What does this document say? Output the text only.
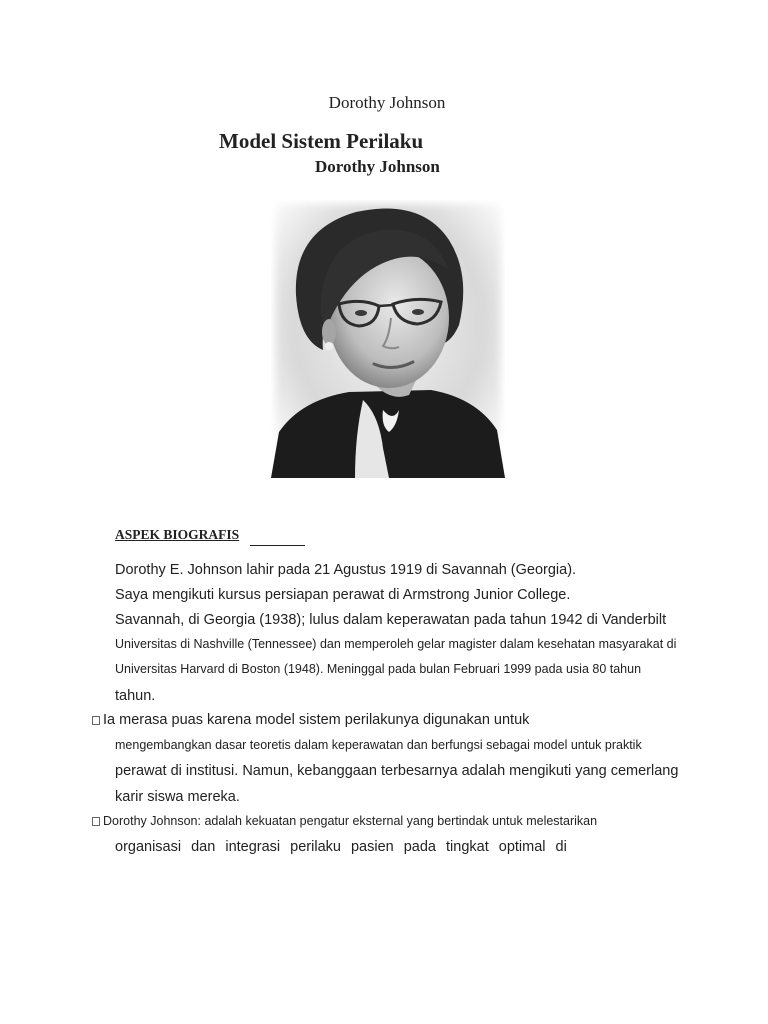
Dorothy Johnson
Model Sistem Perilaku
Dorothy Johnson
ASPEK BIOGRAFIS
Dorothy E. Johnson lahir pada 21 Agustus 1919 di Savannah (Georgia).
Saya mengikuti kursus persiapan perawat di Armstrong Junior College.
Savannah, di Georgia (1938); lulus dalam keperawatan pada tahun 1942 di Vanderbilt
Universitas di Nashville (Tennessee) dan memperoleh gelar magister dalam kesehatan masyarakat di
Universitas Harvard di Boston (1948). Meninggal pada bulan Februari 1999 pada usia 80 tahun
tahun.
Ia merasa puas karena model sistem perilakunya digunakan untuk
mengembangkan dasar teoretis dalam keperawatan dan berfungsi sebagai model untuk praktik
perawat di institusi. Namun, kebanggaan terbesarnya adalah mengikuti yang cemerlang
karir siswa mereka.
Dorothy Johnson: adalah kekuatan pengatur eksternal yang bertindak untuk melestarikan
organisasi dan integrasi perilaku pasien pada tingkat optimal di
